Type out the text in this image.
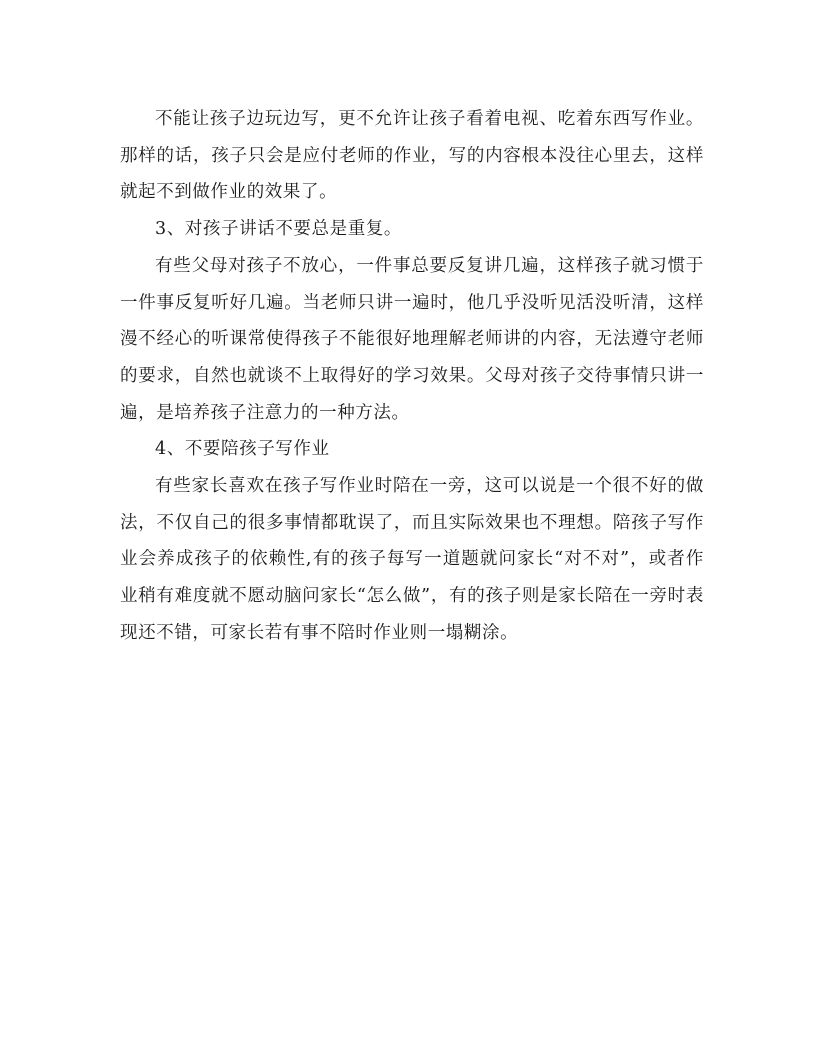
不能让孩子边玩边写，更不允许让孩子看着电视、吃着东西写作业。那样的话，孩子只会是应付老师的作业，写的内容根本没往心里去，这样就起不到做作业的效果了。

3、对孩子讲话不要总是重复。

有些父母对孩子不放心，一件事总要反复讲几遍，这样孩子就习惯于一件事反复听好几遍。当老师只讲一遍时，他几乎没听见活没听清，这样漫不经心的听课常使得孩子不能很好地理解老师讲的内容，无法遵守老师的要求，自然也就谈不上取得好的学习效果。父母对孩子交待事情只讲一遍，是培养孩子注意力的一种方法。

4、不要陪孩子写作业

有些家长喜欢在孩子写作业时陪在一旁，这可以说是一个很不好的做法，不仅自己的很多事情都耽误了，而且实际效果也不理想。陪孩子写作业会养成孩子的依赖性,有的孩子每写一道题就问家长“对不对”，或者作业稍有难度就不愿动脑问家长“怎么做”，有的孩子则是家长陪在一旁时表现还不错，可家长若有事不陪时作业则一塌糊涂。
